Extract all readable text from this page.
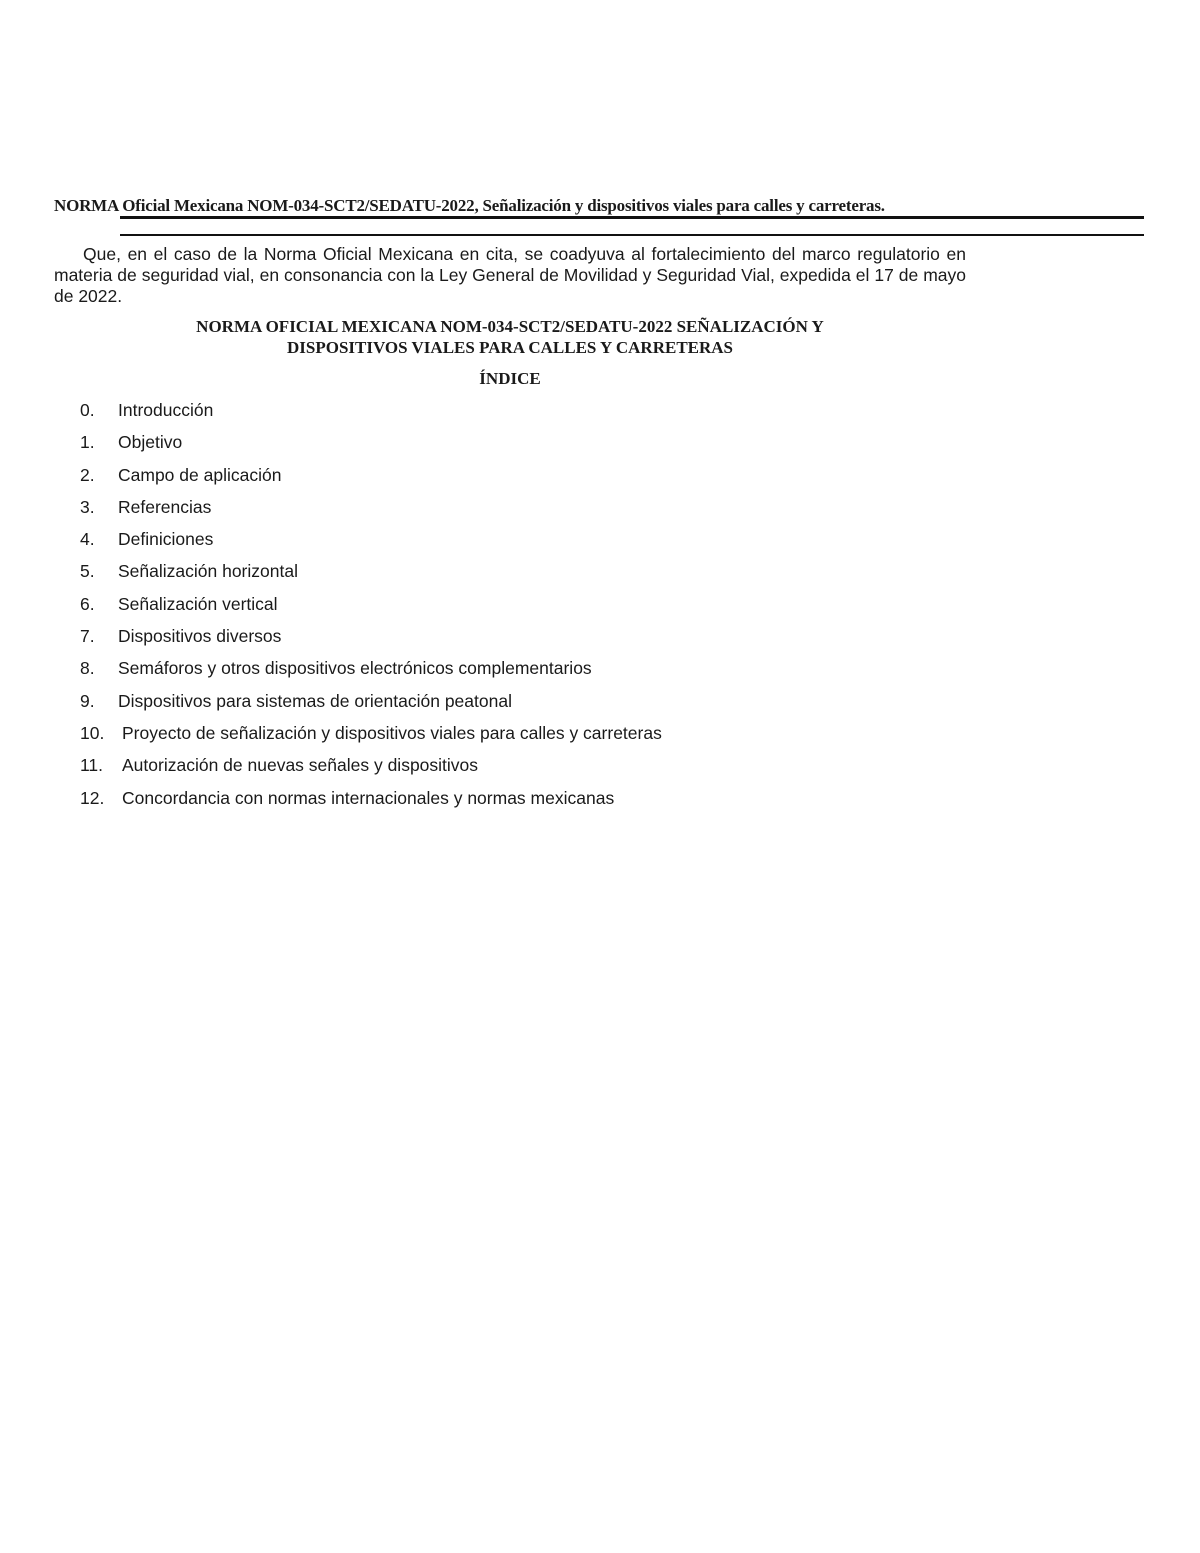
NORMA Oficial Mexicana NOM-034-SCT2/SEDATU-2022, Señalización y dispositivos viales para calles y carreteras.

Que, en el caso de la Norma Oficial Mexicana en cita, se coadyuva al fortalecimiento del marco regulatorio en materia de seguridad vial, en consonancia con la Ley General de Movilidad y Seguridad Vial, expedida el 17 de mayo de 2022.

NORMA OFICIAL MEXICANA NOM-034-SCT2/SEDATU-2022 SEÑALIZACIÓN Y
DISPOSITIVOS VIALES PARA CALLES Y CARRETERAS
ÍNDICE
0.	Introducción
1.	Objetivo
2.	Campo de aplicación
3.	Referencias
4.	Definiciones
5.	Señalización horizontal
6.	Señalización vertical
7.	Dispositivos diversos
8.	Semáforos y otros dispositivos electrónicos complementarios
9.	Dispositivos para sistemas de orientación peatonal
10.	Proyecto de señalización y dispositivos viales para calles y carreteras
11.	Autorización de nuevas señales y dispositivos
12.	Concordancia con normas internacionales y normas mexicanas
